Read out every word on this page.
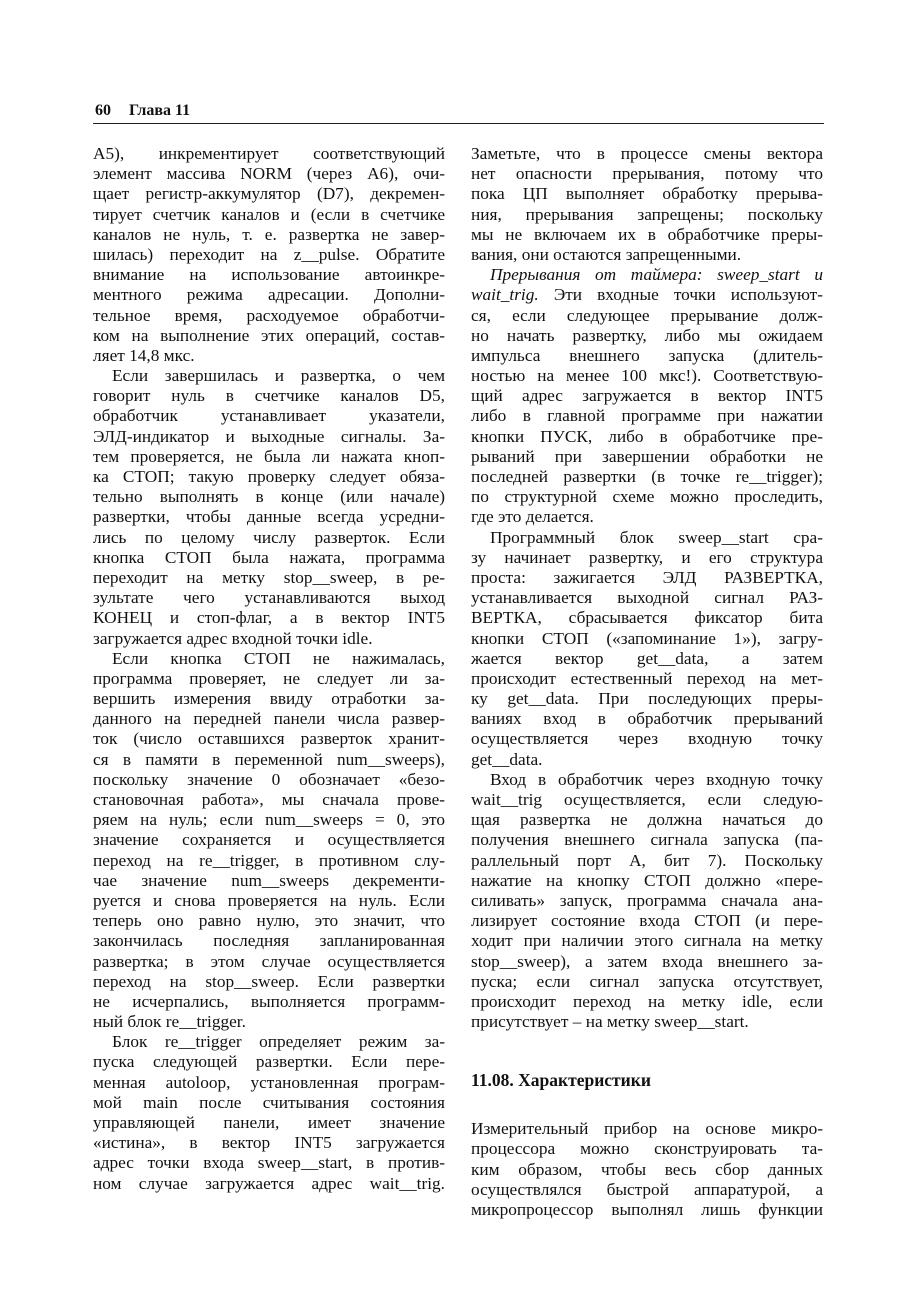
60 Глава 11
А5), инкрементирует соответствующий
элемент массива NORM (через А6), очи-
щает регистр-аккумулятор (D7), декремен-
тирует счетчик каналов и (если в счетчике
каналов не нуль, т. е. развертка не завер-
шилась) переходит на z__pulse. Обратите
внимание на использование автоинкре-
ментного режима адресации. Дополни-
тельное время, расходуемое обработчи-
ком на выполнение этих операций, состав-
ляет 14,8 мкс.
Если завершилась и развертка, о чем
говорит нуль в счетчике каналов D5,
обработчик устанавливает указатели,
ЭЛД-индикатор и выходные сигналы. За-
тем проверяется, не была ли нажата кноп-
ка СТОП; такую проверку следует обяза-
тельно выполнять в конце (или начале)
развертки, чтобы данные всегда усредни-
лись по целому числу разверток. Если
кнопка СТОП была нажата, программа
переходит на метку stop__sweep, в ре-
зультате чего устанавливаются выход
КОНЕЦ и стоп-флаг, а в вектор INT5
загружается адрес входной точки idle.
Если кнопка СТОП не нажималась,
программа проверяет, не следует ли за-
вершить измерения ввиду отработки за-
данного на передней панели числа развер-
ток (число оставшихся разверток хранит-
ся в памяти в переменной num__sweeps),
поскольку значение 0 обозначает «безо-
становочная работа», мы сначала прове-
ряем на нуль; если num__sweeps = 0, это
значение сохраняется и осуществляется
переход на re__trigger, в противном слу-
чае значение num__sweeps декременти-
руется и снова проверяется на нуль. Если
теперь оно равно нулю, это значит, что
закончилась последняя запланированная
развертка; в этом случае осуществляется
переход на stop__sweep. Если развертки
не исчерпались, выполняется программ-
ный блок re__trigger.
Блок re__trigger определяет режим за-
пуска следующей развертки. Если пере-
менная autoloop, установленная програм-
мой main после считывания состояния
управляющей панели, имеет значение
«истина», в вектор INT5 загружается
адрес точки входа sweep__start, в против-
ном случае загружается адрес wait__trig.
Заметьте, что в процессе смены вектора
нет опасности прерывания, потому что
пока ЦП выполняет обработку прерыва-
ния, прерывания запрещены; поскольку
мы не включаем их в обработчике преры-
вания, они остаются запрещенными.
Прерывания от таймера: sweep_start и
wait_trig. Эти входные точки используют-
ся, если следующее прерывание долж-
но начать развертку, либо мы ожидаем
импульса внешнего запуска (длитель-
ностью на менее 100 мкс!). Соответствую-
щий адрес загружается в вектор INT5
либо в главной программе при нажатии
кнопки ПУСК, либо в обработчике пре-
рываний при завершении обработки не
последней развертки (в точке re__trigger);
по структурной схеме можно проследить,
где это делается.
Программный блок sweep__start сра-
зу начинает развертку, и его структура
проста: зажигается ЭЛД РАЗВЕРТКА,
устанавливается выходной сигнал РАЗ-
ВЕРТКА, сбрасывается фиксатор бита
кнопки СТОП («запоминание 1»), загру-
жается вектор get__data, а затем
происходит естественный переход на мет-
ку get__data. При последующих преры-
ваниях вход в обработчик прерываний
осуществляется через входную точку
get__data.
Вход в обработчик через входную точку
wait__trig осуществляется, если следую-
щая развертка не должна начаться до
получения внешнего сигнала запуска (па-
раллельный порт А, бит 7). Поскольку
нажатие на кнопку СТОП должно «пере-
силивать» запуск, программа сначала ана-
лизирует состояние входа СТОП (и пере-
ходит при наличии этого сигнала на метку
stop__sweep), а затем входа внешнего за-
пуска; если сигнал запуска отсутствует,
происходит переход на метку idle, если
присутствует – на метку sweep__start.
11.08. Характеристики
Измерительный прибор на основе микро-
процессора можно сконструировать та-
ким образом, чтобы весь сбор данных
осуществлялся быстрой аппаратурой, а
микропроцессор выполнял лишь функции
